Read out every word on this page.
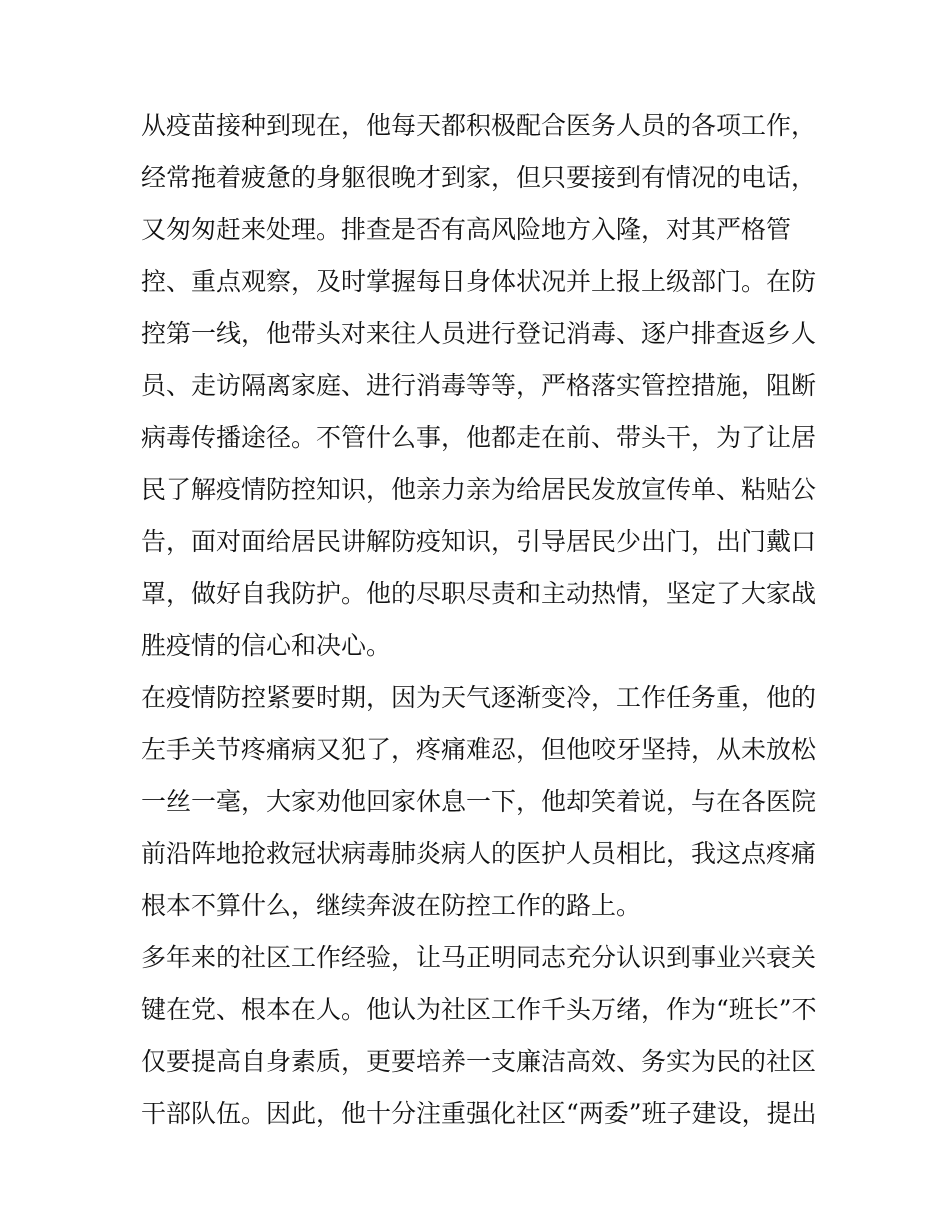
从疫苗接种到现在，他每天都积极配合医务人员的各项工作，
经常拖着疲惫的身躯很晚才到家，但只要接到有情况的电话，
又匆匆赶来处理。排查是否有高风险地方入隆，对其严格管
控、重点观察，及时掌握每日身体状况并上报上级部门。在防
控第一线，他带头对来往人员进行登记消毒、逐户排查返乡人
员、走访隔离家庭、进行消毒等等，严格落实管控措施，阻断
病毒传播途径。不管什么事，他都走在前、带头干，为了让居
民了解疫情防控知识，他亲力亲为给居民发放宣传单、粘贴公
告，面对面给居民讲解防疫知识，引导居民少出门，出门戴口
罩，做好自我防护。他的尽职尽责和主动热情，坚定了大家战
胜疫情的信心和决心。
在疫情防控紧要时期，因为天气逐渐变冷，工作任务重，他的
左手关节疼痛病又犯了，疼痛难忍，但他咬牙坚持，从未放松
一丝一毫，大家劝他回家休息一下，他却笑着说，与在各医院
前沿阵地抢救冠状病毒肺炎病人的医护人员相比，我这点疼痛
根本不算什么，继续奔波在防控工作的路上。
多年来的社区工作经验，让马正明同志充分认识到事业兴衰关
键在党、根本在人。他认为社区工作千头万绪，作为“班长”不
仅要提高自身素质，更要培养一支廉洁高效、务实为民的社区
干部队伍。因此，他十分注重强化社区“两委”班子建设，提出
